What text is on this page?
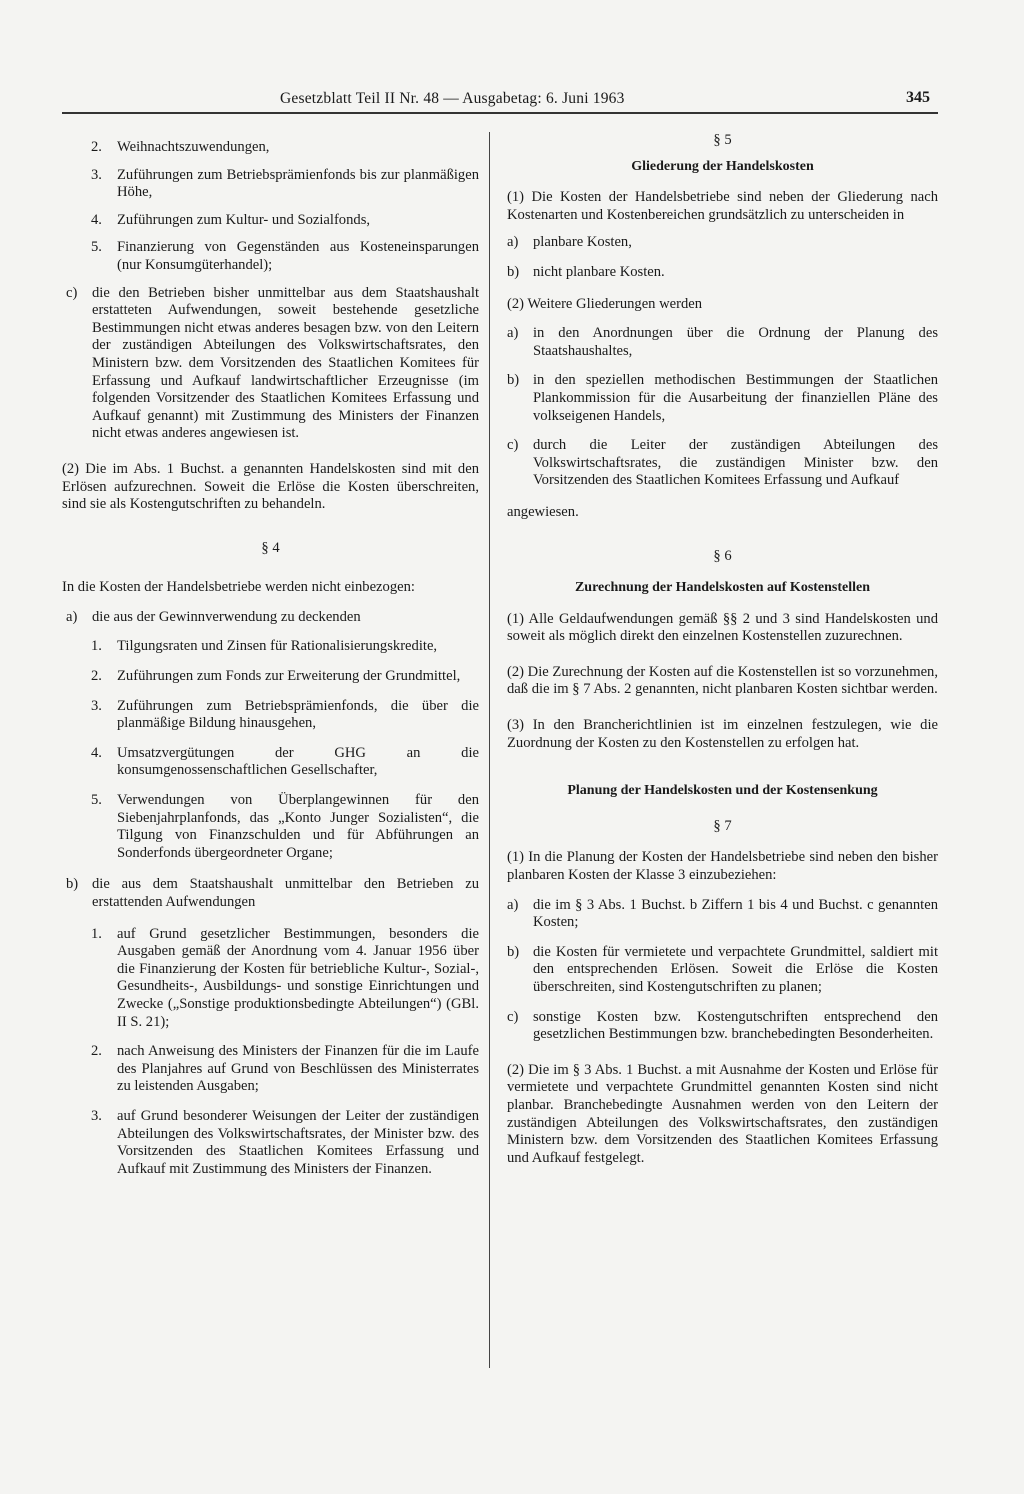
Gesetzblatt Teil II Nr. 48 — Ausgabetag: 6. Juni 1963	345
2.	Weihnachtszuwendungen,
3.	Zuführungen zum Betriebsprämienfonds bis zur planmäßigen Höhe,
4.	Zuführungen zum Kultur- und Sozialfonds,
5.	Finanzierung von Gegenständen aus Kosteneinsparungen (nur Konsumgüterhandel);
c)	die den Betrieben bisher unmittelbar aus dem Staatshaushalt erstatteten Aufwendungen, soweit bestehende gesetzliche Bestimmungen nicht etwas anderes besagen bzw. von den Leitern der zuständigen Abteilungen des Volkswirtschaftsrates, den Ministern bzw. dem Vorsitzenden des Staatlichen Komitees für Erfassung und Aufkauf landwirtschaftlicher Erzeugnisse (im folgenden Vorsitzender des Staatlichen Komitees Erfassung und Aufkauf genannt) mit Zustimmung des Ministers der Finanzen nicht etwas anderes angewiesen ist.

(2) Die im Abs. 1 Buchst. a genannten Handelskosten sind mit den Erlösen aufzurechnen. Soweit die Erlöse die Kosten überschreiten, sind sie als Kostengutschriften zu behandeln.

§ 4

In die Kosten der Handelsbetriebe werden nicht einbezogen:

a)	die aus der Gewinnverwendung zu deckenden
1.	Tilgungsraten und Zinsen für Rationalisierungskredite,
2.	Zuführungen zum Fonds zur Erweiterung der Grundmittel,
3.	Zuführungen zum Betriebsprämienfonds, die über die planmäßige Bildung hinausgehen,
4.	Umsatzvergütungen der GHG an die konsumgenossenschaftlichen Gesellschafter,
5.	Verwendungen von Überplangewinnen für den Siebenjahrplanfonds, das „Konto Junger Sozialisten“, die Tilgung von Finanzschulden und für Abführungen an Sonderfonds übergeordneter Organe;
b) die aus dem Staatshaushalt unmittelbar den Betrieben zu erstattenden Aufwendungen
1.	auf Grund gesetzlicher Bestimmungen, besonders die Ausgaben gemäß der Anordnung vom 4. Januar 1956 über die Finanzierung der Kosten für betriebliche Kultur-, Sozial-, Gesundheits-, Ausbildungs- und sonstige Einrichtungen und Zwecke („Sonstige produktionsbedingte Abteilungen“) (GBl. II S. 21);
2.	nach Anweisung des Ministers der Finanzen für die im Laufe des Planjahres auf Grund von Beschlüssen des Ministerrates zu leistenden Ausgaben;
3.	auf Grund besonderer Weisungen der Leiter der zuständigen Abteilungen des Volkswirtschaftsrates, der Minister bzw. des Vorsitzenden des Staatlichen Komitees Erfassung und Aufkauf mit Zustimmung des Ministers der Finanzen.

§ 5

Gliederung der Handelskosten

(1) Die Kosten der Handelsbetriebe sind neben der Gliederung nach Kostenarten und Kostenbereichen grundsätzlich zu unterscheiden in

a)	planbare Kosten,
b) nicht planbare Kosten.

(2) Weitere Gliederungen werden

a)	in den Anordnungen über die Ordnung der Planung des Staatshaushaltes,
b) in den speziellen methodischen Bestimmungen der Staatlichen Plankommission für die Ausarbeitung der finanziellen Pläne des volkseigenen Handels,
c)	durch die Leiter der zuständigen Abteilungen des Volkswirtschaftsrates, die zuständigen Minister bzw. den Vorsitzenden des Staatlichen Komitees Erfassung und Aufkauf

angewiesen.

§ 6

Zurechnung der Handelskosten auf Kostenstellen

(1) Alle Geldaufwendungen gemäß §§ 2 und 3 sind Handelskosten und soweit als möglich direkt den einzelnen Kostenstellen zuzurechnen.

(2) Die Zurechnung der Kosten auf die Kostenstellen ist so vorzunehmen, daß die im § 7 Abs. 2 genannten, nicht planbaren Kosten sichtbar werden.

(3) In den Brancherichtlinien ist im einzelnen festzulegen, wie die Zuordnung der Kosten zu den Kostenstellen zu erfolgen hat.

Planung der Handelskosten und der Kostensenkung

§ 7

(1) In die Planung der Kosten der Handelsbetriebe sind neben den bisher planbaren Kosten der Klasse 3 einzubeziehen:

a)	die im § 3 Abs. 1 Buchst. b Ziffern 1 bis 4 und Buchst. c genannten Kosten;
b) die Kosten für vermietete und verpachtete Grundmittel, saldiert mit den entsprechenden Erlösen. Soweit die Erlöse die Kosten überschreiten, sind Kostengutschriften zu planen;
c)	sonstige Kosten bzw. Kostengutschriften entsprechend den gesetzlichen Bestimmungen bzw. branchebedingten Besonderheiten.

(2) Die im § 3 Abs. 1 Buchst. a mit Ausnahme der Kosten und Erlöse für vermietete und verpachtete Grundmittel genannten Kosten sind nicht planbar. Branchebedingte Ausnahmen werden von den Leitern der zuständigen Abteilungen des Volkswirtschaftsrates, den zuständigen Ministern bzw. dem Vorsitzenden des Staatlichen Komitees Erfassung und Aufkauf festgelegt.
